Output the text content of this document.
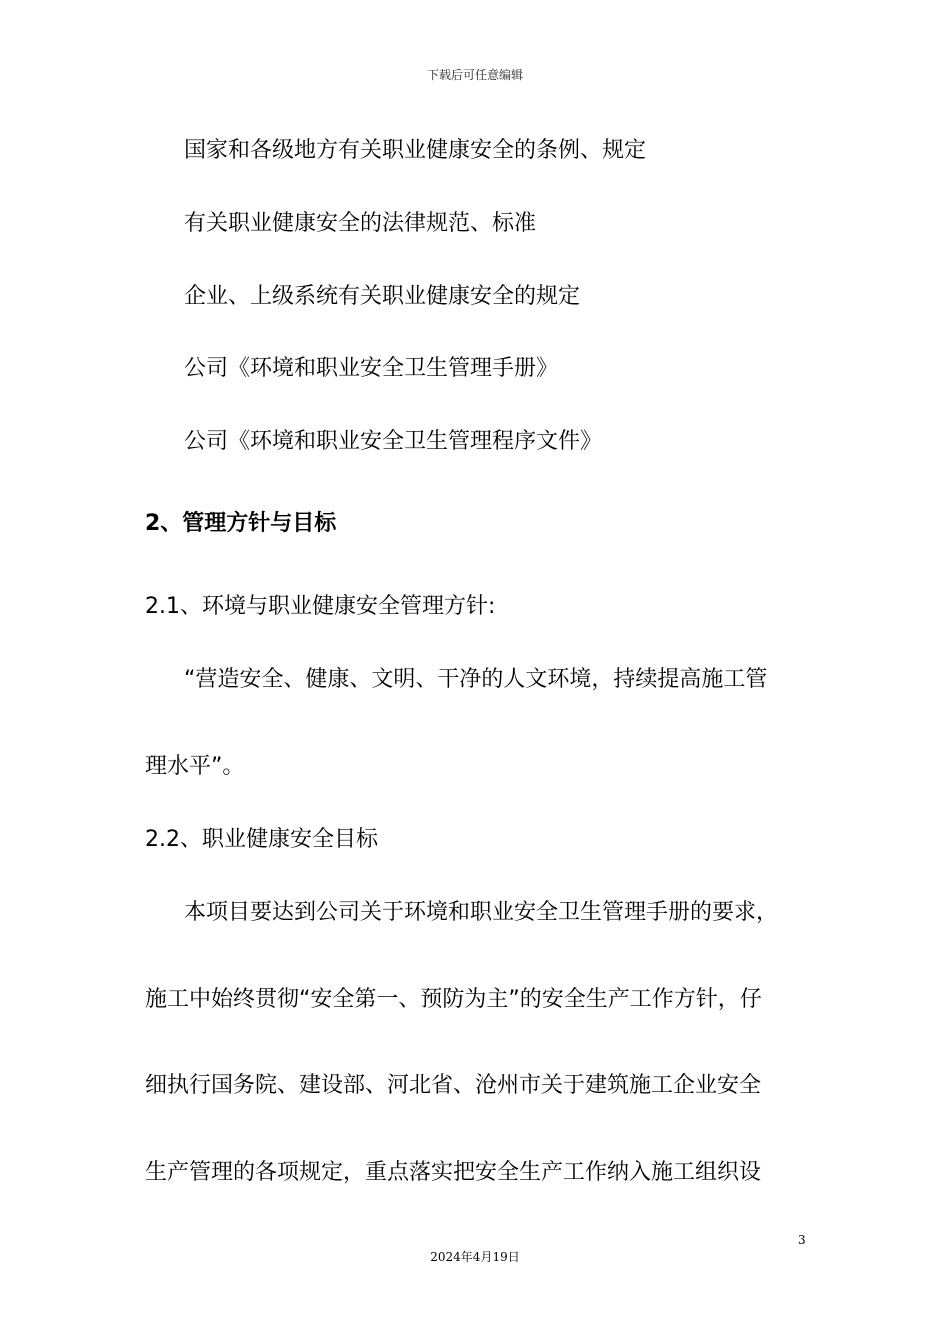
下载后可任意编辑
国家和各级地方有关职业健康安全的条例、规定
有关职业健康安全的法律规范、标准
企业、上级系统有关职业健康安全的规定
公司《环境和职业安全卫生管理手册》
公司《环境和职业安全卫生管理程序文件》
2、管理方针与目标
2.1、环境与职业健康安全管理方针:
“营造安全、健康、文明、干净的人文环境，持续提高施工管
理水平”。
2.2、职业健康安全目标
本项目要达到公司关于环境和职业安全卫生管理手册的要求，
施工中始终贯彻“安全第一、预防为主”的安全生产工作方针，仔
细执行国务院、建设部、河北省、沧州市关于建筑施工企业安全
生产管理的各项规定，重点落实把安全生产工作纳入施工组织设
3
2024年4月19日
